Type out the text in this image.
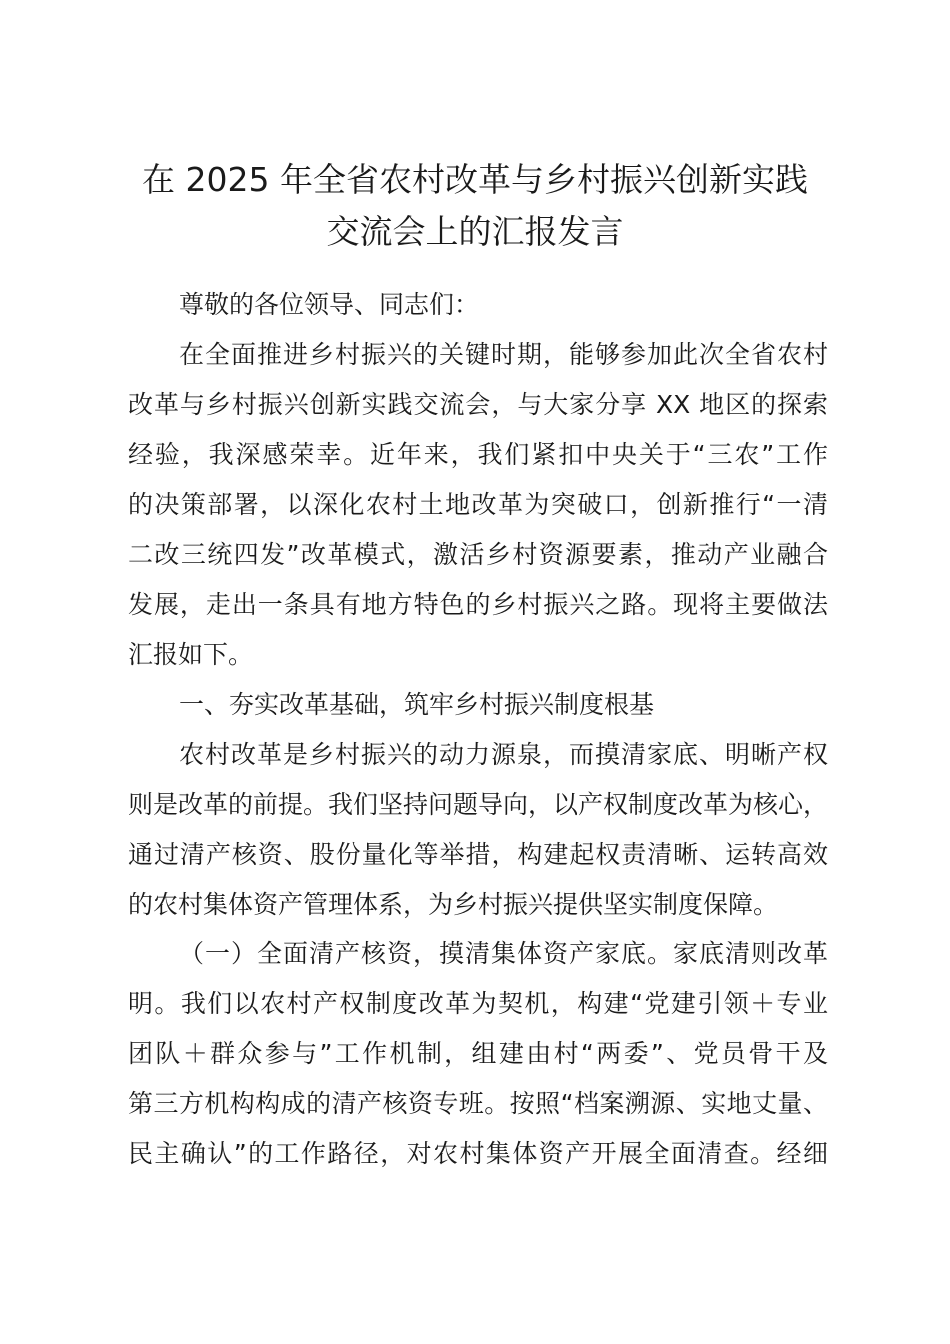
在 2025 年全省农村改革与乡村振兴创新实践
交流会上的汇报发言
尊敬的各位领导、同志们：
在全面推进乡村振兴的关键时期，能够参加此次全省农村
改革与乡村振兴创新实践交流会，与大家分享 XX 地区的探索
经验，我深感荣幸。近年来，我们紧扣中央关于“三农”工作
的决策部署，以深化农村土地改革为突破口，创新推行“一清
二改三统四发”改革模式，激活乡村资源要素，推动产业融合
发展，走出一条具有地方特色的乡村振兴之路。现将主要做法
汇报如下。
一、夯实改革基础，筑牢乡村振兴制度根基
农村改革是乡村振兴的动力源泉，而摸清家底、明晰产权
则是改革的前提。我们坚持问题导向，以产权制度改革为核心，
通过清产核资、股份量化等举措，构建起权责清晰、运转高效
的农村集体资产管理体系，为乡村振兴提供坚实制度保障。
（一）全面清产核资，摸清集体资产家底。家底清则改革
明。我们以农村产权制度改革为契机，构建“党建引领＋专业
团队＋群众参与”工作机制，组建由村“两委”、党员骨干及
第三方机构构成的清产核资专班。按照“档案溯源、实地丈量、
民主确认”的工作路径，对农村集体资产开展全面清查。经细
